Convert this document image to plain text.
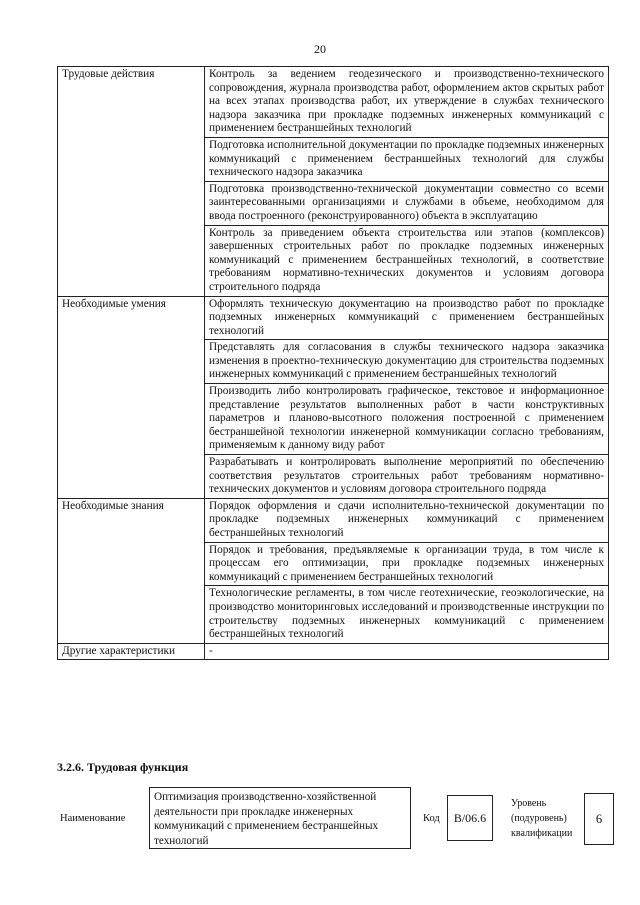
20
Трудовые действия	Контроль за ведением геодезического и производственно-технического сопровождения, журнала производства работ, оформлением актов скрытых работ на всех этапах производства работ, их утверждение в службах технического надзора заказчика при прокладке подземных инженерных коммуникаций с применением бестраншейных технологий
	Подготовка исполнительной документации по прокладке подземных инженерных коммуникаций с применением бестраншейных технологий для службы технического надзора заказчика
	Подготовка производственно-технической документации совместно со всеми заинтересованными организациями и службами в объеме, необходимом для ввода построенного (реконструированного) объекта в эксплуатацию
	Контроль за приведением объекта строительства или этапов (комплексов) завершенных строительных работ по прокладке подземных инженерных коммуникаций с применением бестраншейных технологий, в соответствие требованиям нормативно-технических документов и условиям договора строительного подряда
Необходимые умения	Оформлять техническую документацию на производство работ по прокладке подземных инженерных коммуникаций с применением бестраншейных технологий
	Представлять для согласования в службы технического надзора заказчика изменения в проектно-техническую документацию для строительства подземных инженерных коммуникаций с применением бестраншейных технологий
	Производить либо контролировать графическое, текстовое и информационное представление результатов выполненных работ в части конструктивных параметров и планово-высотного положения построенной с применением бестраншейной технологии инженерной коммуникации согласно требованиям, применяемым к данному виду работ
	Разрабатывать и контролировать выполнение мероприятий по обеспечению соответствия результатов строительных работ требованиям нормативно-технических документов и условиям договора строительного подряда
Необходимые знания	Порядок оформления и сдачи исполнительно-технической документации по прокладке подземных инженерных коммуникаций с применением бестраншейных технологий
	Порядок и требования, предъявляемые к организации труда, в том числе к процессам его оптимизации, при прокладке подземных инженерных коммуникаций с применением бестраншейных технологий
	Технологические регламенты, в том числе геотехнические, геоэкологические, на производство мониторинговых исследований и производственные инструкции по строительству подземных инженерных коммуникаций с применением бестраншейных технологий
Другие характеристики	-
3.2.6. Трудовая функция
Наименование
Оптимизация производственно-хозяйственной деятельности при прокладке инженерных коммуникаций с применением бестраншейных технологий
Код	B/06.6
Уровень
(подуровень)
квалификации
6
